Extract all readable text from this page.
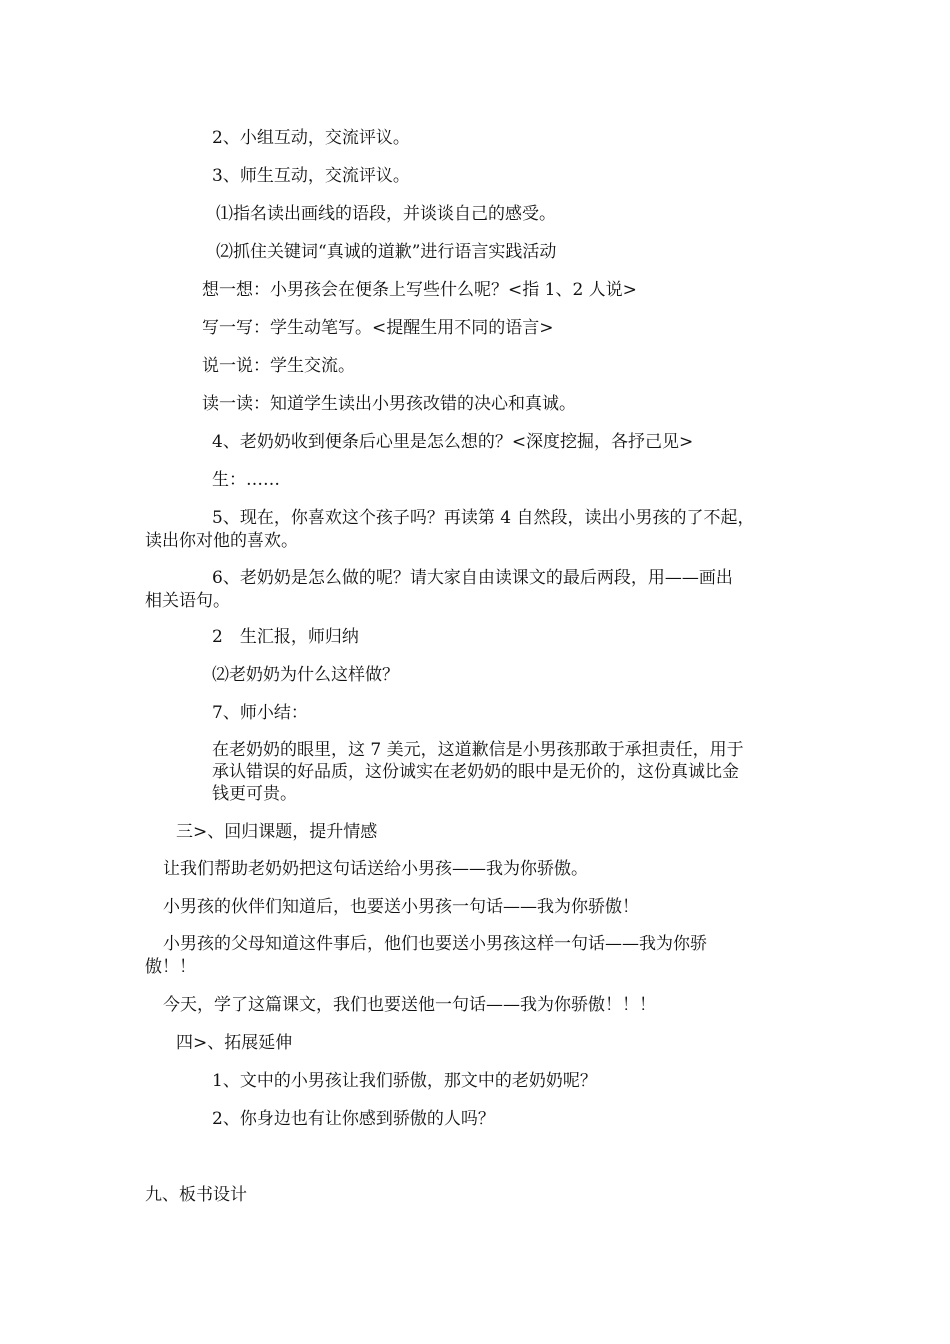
2、小组互动，交流评议。
3、师生互动，交流评议。
⑴指名读出画线的语段，并谈谈自己的感受。
⑵抓住关键词“真诚的道歉”进行语言实践活动
想一想：小男孩会在便条上写些什么呢？<指 1、2 人说>
写一写：学生动笔写。<提醒生用不同的语言>
说一说：学生交流。
读一读：知道学生读出小男孩改错的决心和真诚。
4、老奶奶收到便条后心里是怎么想的？<深度挖掘，各抒己见>
生：……
5、现在，你喜欢这个孩子吗？再读第 4 自然段，读出小男孩的了不起，
读出你对他的喜欢。
6、老奶奶是怎么做的呢？请大家自由读课文的最后两段，用——画出
相关语句。
2　生汇报，师归纳
⑵老奶奶为什么这样做？
7、师小结：
在老奶奶的眼里，这 7 美元，这道歉信是小男孩那敢于承担责任，用于
承认错误的好品质，这份诚实在老奶奶的眼中是无价的，这份真诚比金
钱更可贵。
三>、回归课题，提升情感
让我们帮助老奶奶把这句话送给小男孩——我为你骄傲。
小男孩的伙伴们知道后，也要送小男孩一句话——我为你骄傲！
小男孩的父母知道这件事后，他们也要送小男孩这样一句话——我为你骄
傲！！
今天，学了这篇课文，我们也要送他一句话——我为你骄傲！！！
四>、拓展延伸
1、文中的小男孩让我们骄傲，那文中的老奶奶呢？
2、你身边也有让你感到骄傲的人吗？
九、板书设计
